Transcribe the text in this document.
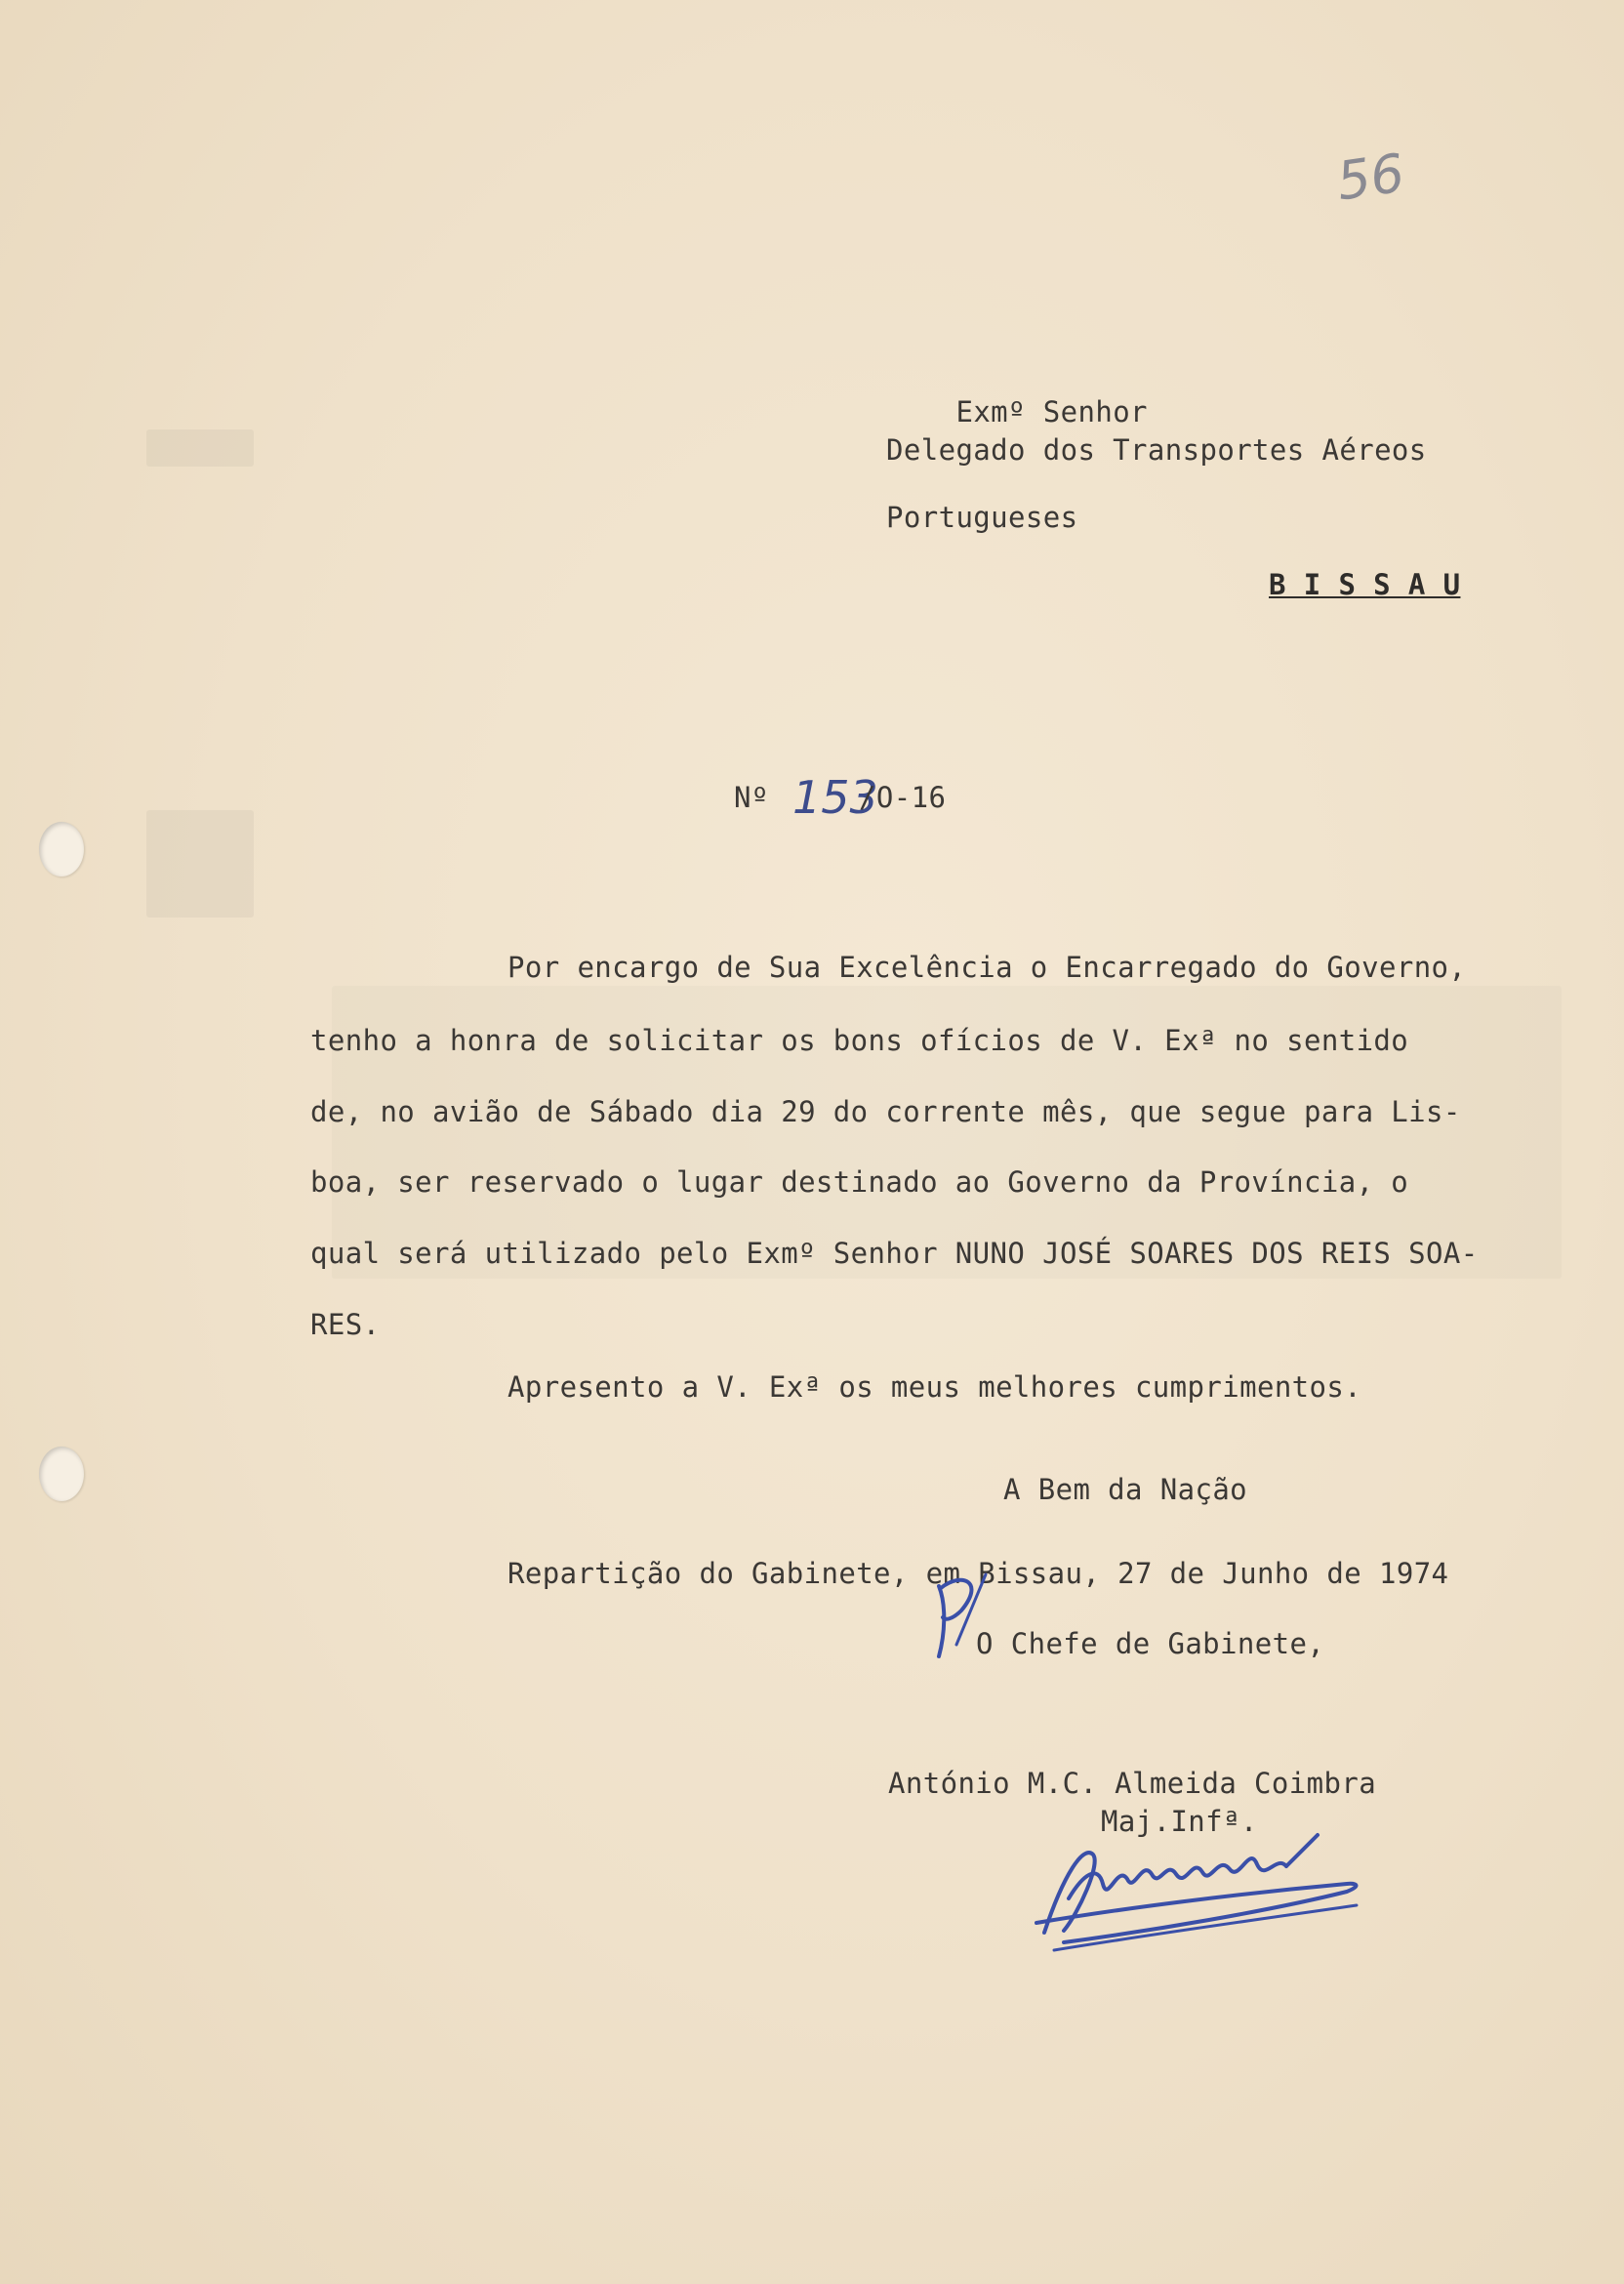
56

Exmº Senhor

Delegado dos Transportes Aéreos
Portugueses
B I S S A U
Nº 153
/O-16
Por encargo de Sua Excelência o Encarregado do Governo,
tenho a honra de solicitar os bons ofícios de V. Exª no sentido
de, no avião de Sábado dia 29 do corrente mês, que segue para Lis-
boa, ser reservado o lugar destinado ao Governo da Província, o
qual será utilizado pelo Exmº Senhor NUNO JOSÉ SOARES DOS REIS SOA-
RES.
Apresento a V. Exª os meus melhores cumprimentos.
A Bem da Nação
Repartição do Gabinete, em Bissau, 27 de Junho de 1974
O Chefe de Gabinete,
António M.C. Almeida Coimbra
Maj.Infª.
